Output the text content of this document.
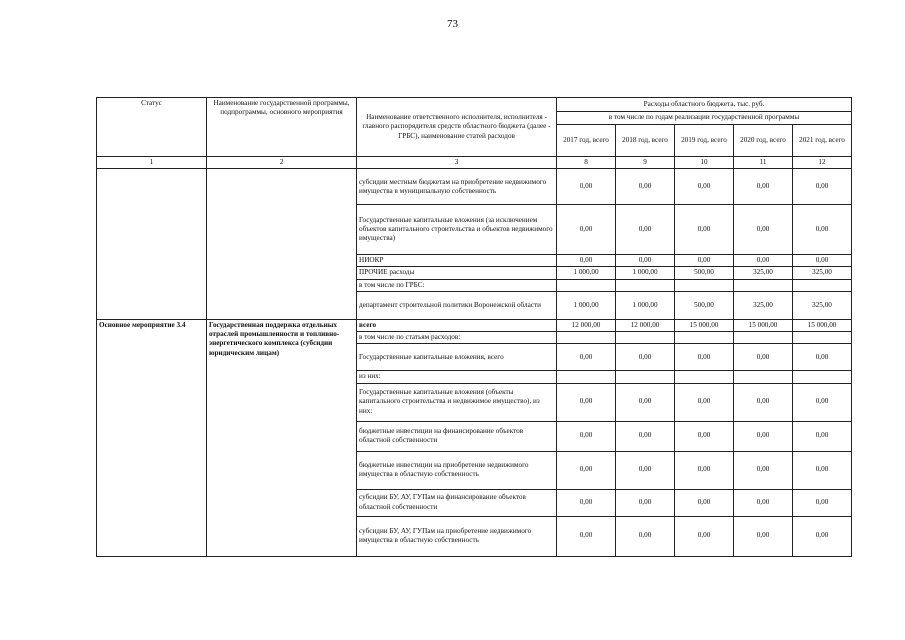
73
Статус	Наименование государственной программы, подпрограммы, основного мероприятия	Наименование ответственного исполнителя, исполнителя - главного распорядителя средств областного бюджета (далее - ГРБС), наименование статей расходов	Расходы областного бюджета, тыс. руб.				
			в том числе по годам реализации государственной программы				
			2017 год, всего	2018 год, всего	2019 год, всего	2020 год, всего	2021 год, всего
1	2	3	8	9	10	11	12
		субсидии местным бюджетам на приобретение недвижимого имущества в муниципальную собственность	0,00	0,00	0,00	0,00	0,00
		Государственные капитальные вложения (за исключением объектов капитального строительства и объектов недвижимого имущества)	0,00	0,00	0,00	0,00	0,00
		НИОКР	0,00	0,00	0,00	0,00	0,00
		ПРОЧИЕ расходы	1 000,00	1 000,00	500,00	325,00	325,00
		в том числе по ГРБС:					
		департамент строительной политики Воронежской области	1 000,00	1 000,00	500,00	325,00	325,00
Основное мероприятие 3.4	Государственная поддержка отдельных отраслей промышленности и топливно-энергетического комплекса (субсидии юридическим лицам)	всего	12 000,00	12 000,00	15 000,00	15 000,00	15 000,00
		в том числе по статьям расходов:					
		Государственные капитальные вложения, всего	0,00	0,00	0,00	0,00	0,00
		из них:					
		Государственные капитальные вложения (объекты капитального строительства и недвижимое имущество), из них:	0,00	0,00	0,00	0,00	0,00
		бюджетные инвестиции на финансирование объектов областной собственности	0,00	0,00	0,00	0,00	0,00
		бюджетные инвестиции на приобретение недвижимого имущества в областную собственность	0,00	0,00	0,00	0,00	0,00
		субсидии БУ, АУ, ГУПам на финансирование объектов областной собственности	0,00	0,00	0,00	0,00	0,00
		субсидии БУ, АУ, ГУПам на приобретение недвижимого имущества в областную собственность	0,00	0,00	0,00	0,00	0,00
